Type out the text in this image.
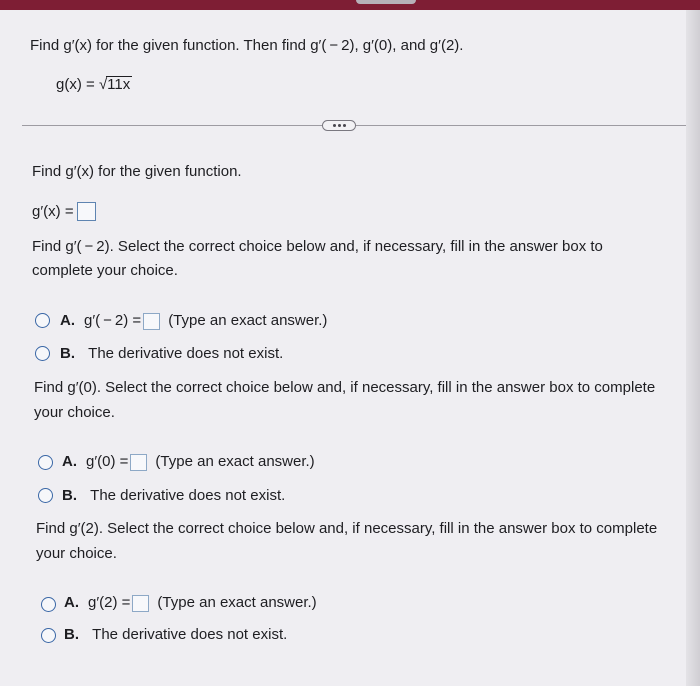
Find g′(x) for the given function. Then find g′( − 2), g′(0), and g′(2).
g(x) = √11x
Find g′(x) for the given function.
g′(x) =
Find g′( − 2). Select the correct choice below and, if necessary, fill in the answer box to
complete your choice.
A. g′( − 2) = (Type an exact answer.)
B. The derivative does not exist.
Find g′(0). Select the correct choice below and, if necessary, fill in the answer box to complete
your choice.
A. g′(0) = (Type an exact answer.)
B. The derivative does not exist.
Find g′(2). Select the correct choice below and, if necessary, fill in the answer box to complete
your choice.
A. g′(2) = (Type an exact answer.)
B. The derivative does not exist.
